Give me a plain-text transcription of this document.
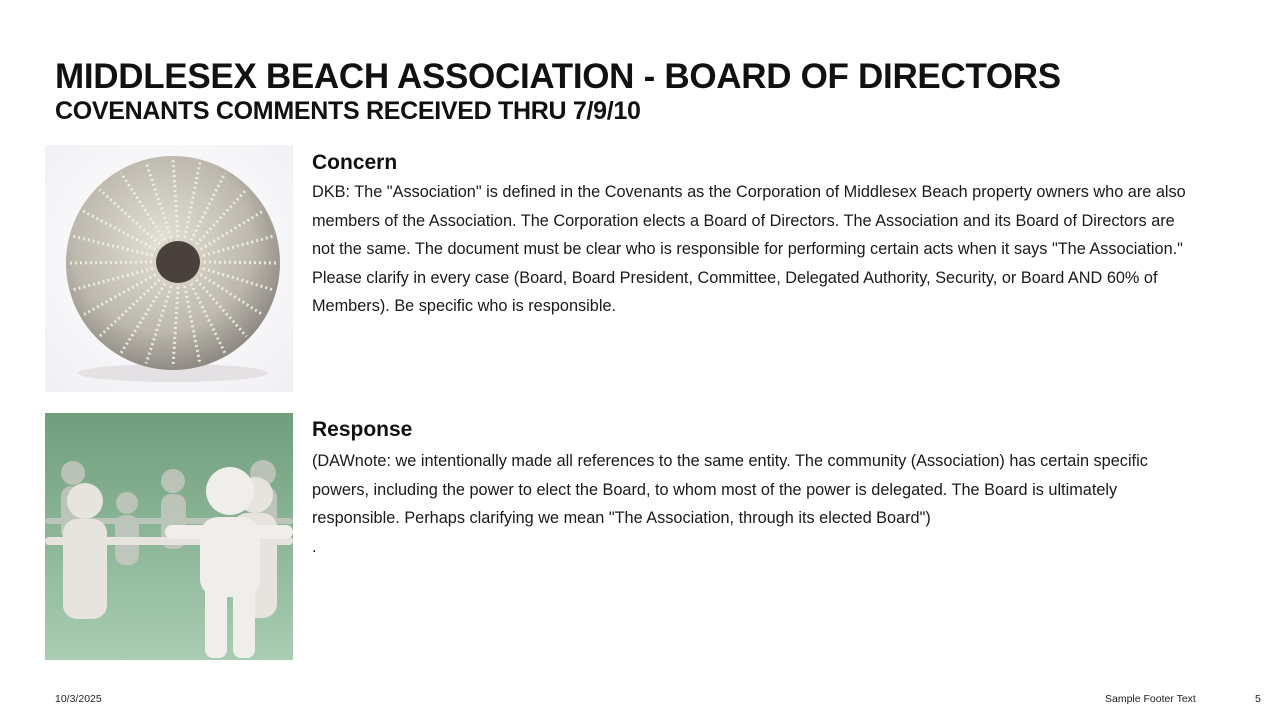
MIDDLESEX BEACH ASSOCIATION - BOARD OF DIRECTORS
COVENANTS COMMENTS RECEIVED THRU 7/9/10
Concern

DKB: The "Association" is defined in the Covenants as the Corporation of Middlesex Beach property owners who are also members of the Association. The Corporation elects a Board of Directors. The Association and its Board of Directors are not the same. The document must be clear who is responsible for performing certain acts when it says "The Association." Please clarify in every case (Board, Board President, Committee, Delegated Authority, Security, or Board AND 60% of Members). Be specific who is responsible.

Response
(DAWnote: we intentionally made all references to the same entity. The community (Association) has certain specific powers, including the power to elect the Board, to whom most of the power is delegated. The Board is ultimately responsible. Perhaps clarifying we mean "The Association, through its elected Board")
.
10/3/2025	Sample Footer Text	5
